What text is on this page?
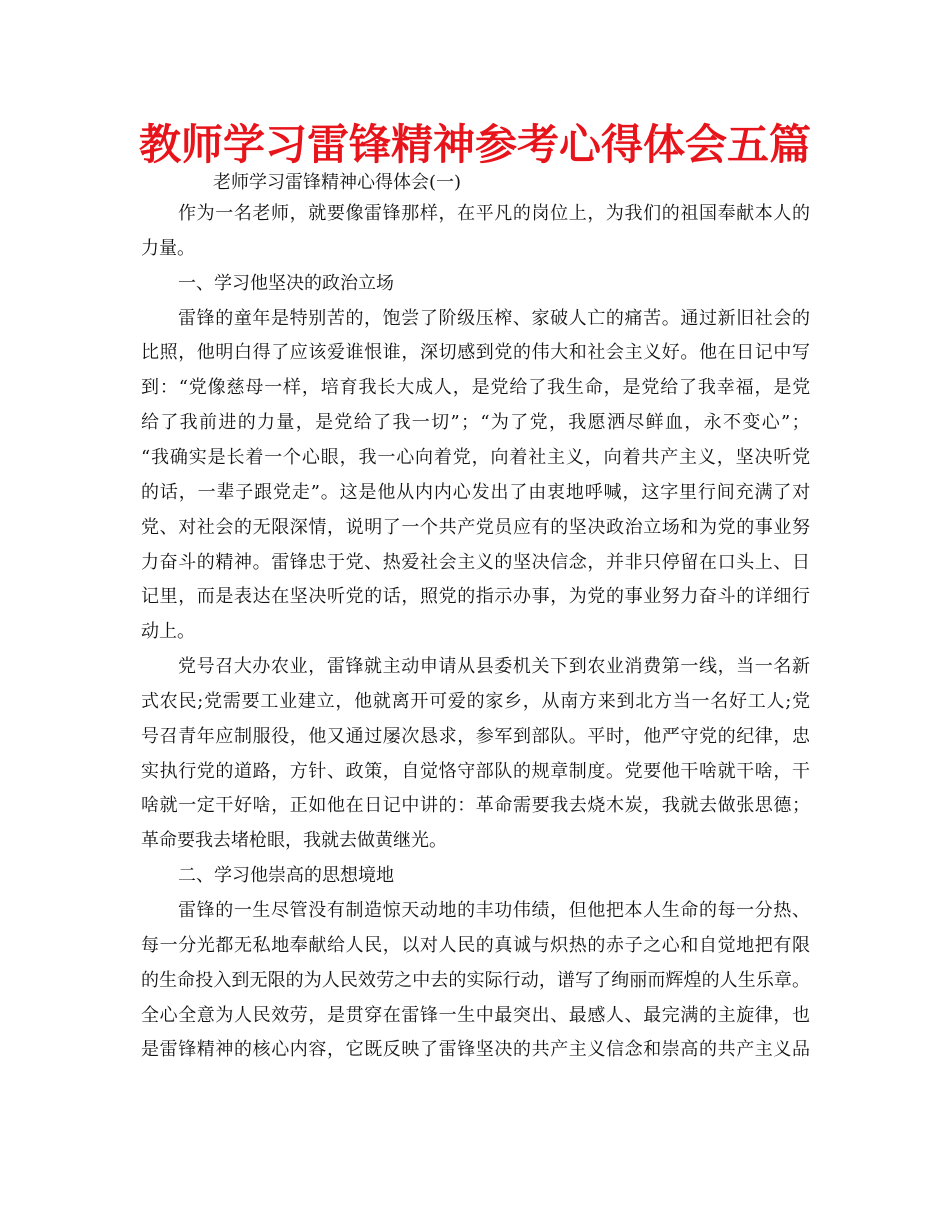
教师学习雷锋精神参考心得体会五篇
老师学习雷锋精神心得体会(一)
作为一名老师，就要像雷锋那样，在平凡的岗位上，为我们的祖国奉献本人的
力量。
一、学习他坚决的政治立场
雷锋的童年是特别苦的，饱尝了阶级压榨、家破人亡的痛苦。通过新旧社会的
比照，他明白得了应该爱谁恨谁，深切感到党的伟大和社会主义好。他在日记中写
到：“党像慈母一样，培育我长大成人，是党给了我生命，是党给了我幸福，是党
给了我前进的力量，是党给了我一切”；“为了党，我愿洒尽鲜血，永不变心”；
“我确实是长着一个心眼，我一心向着党，向着社主义，向着共产主义，坚决听党
的话，一辈子跟党走”。这是他从内内心发出了由衷地呼喊，这字里行间充满了对
党、对社会的无限深情，说明了一个共产党员应有的坚决政治立场和为党的事业努
力奋斗的精神。雷锋忠于党、热爱社会主义的坚决信念，并非只停留在口头上、日
记里，而是表达在坚决听党的话，照党的指示办事，为党的事业努力奋斗的详细行
动上。
党号召大办农业，雷锋就主动申请从县委机关下到农业消费第一线，当一名新
式农民;党需要工业建立，他就离开可爱的家乡，从南方来到北方当一名好工人;党
号召青年应制服役，他又通过屡次恳求，参军到部队。平时，他严守党的纪律，忠
实执行党的道路，方针、政策，自觉恪守部队的规章制度。党要他干啥就干啥，干
啥就一定干好啥，正如他在日记中讲的：革命需要我去烧木炭，我就去做张思德；
革命要我去堵枪眼，我就去做黄继光。
二、学习他崇高的思想境地
雷锋的一生尽管没有制造惊天动地的丰功伟绩，但他把本人生命的每一分热、
每一分光都无私地奉献给人民，以对人民的真诚与炽热的赤子之心和自觉地把有限
的生命投入到无限的为人民效劳之中去的实际行动，谱写了绚丽而辉煌的人生乐章。
全心全意为人民效劳，是贯穿在雷锋一生中最突出、最感人、最完满的主旋律，也
是雷锋精神的核心内容，它既反映了雷锋坚决的共产主义信念和崇高的共产主义品
